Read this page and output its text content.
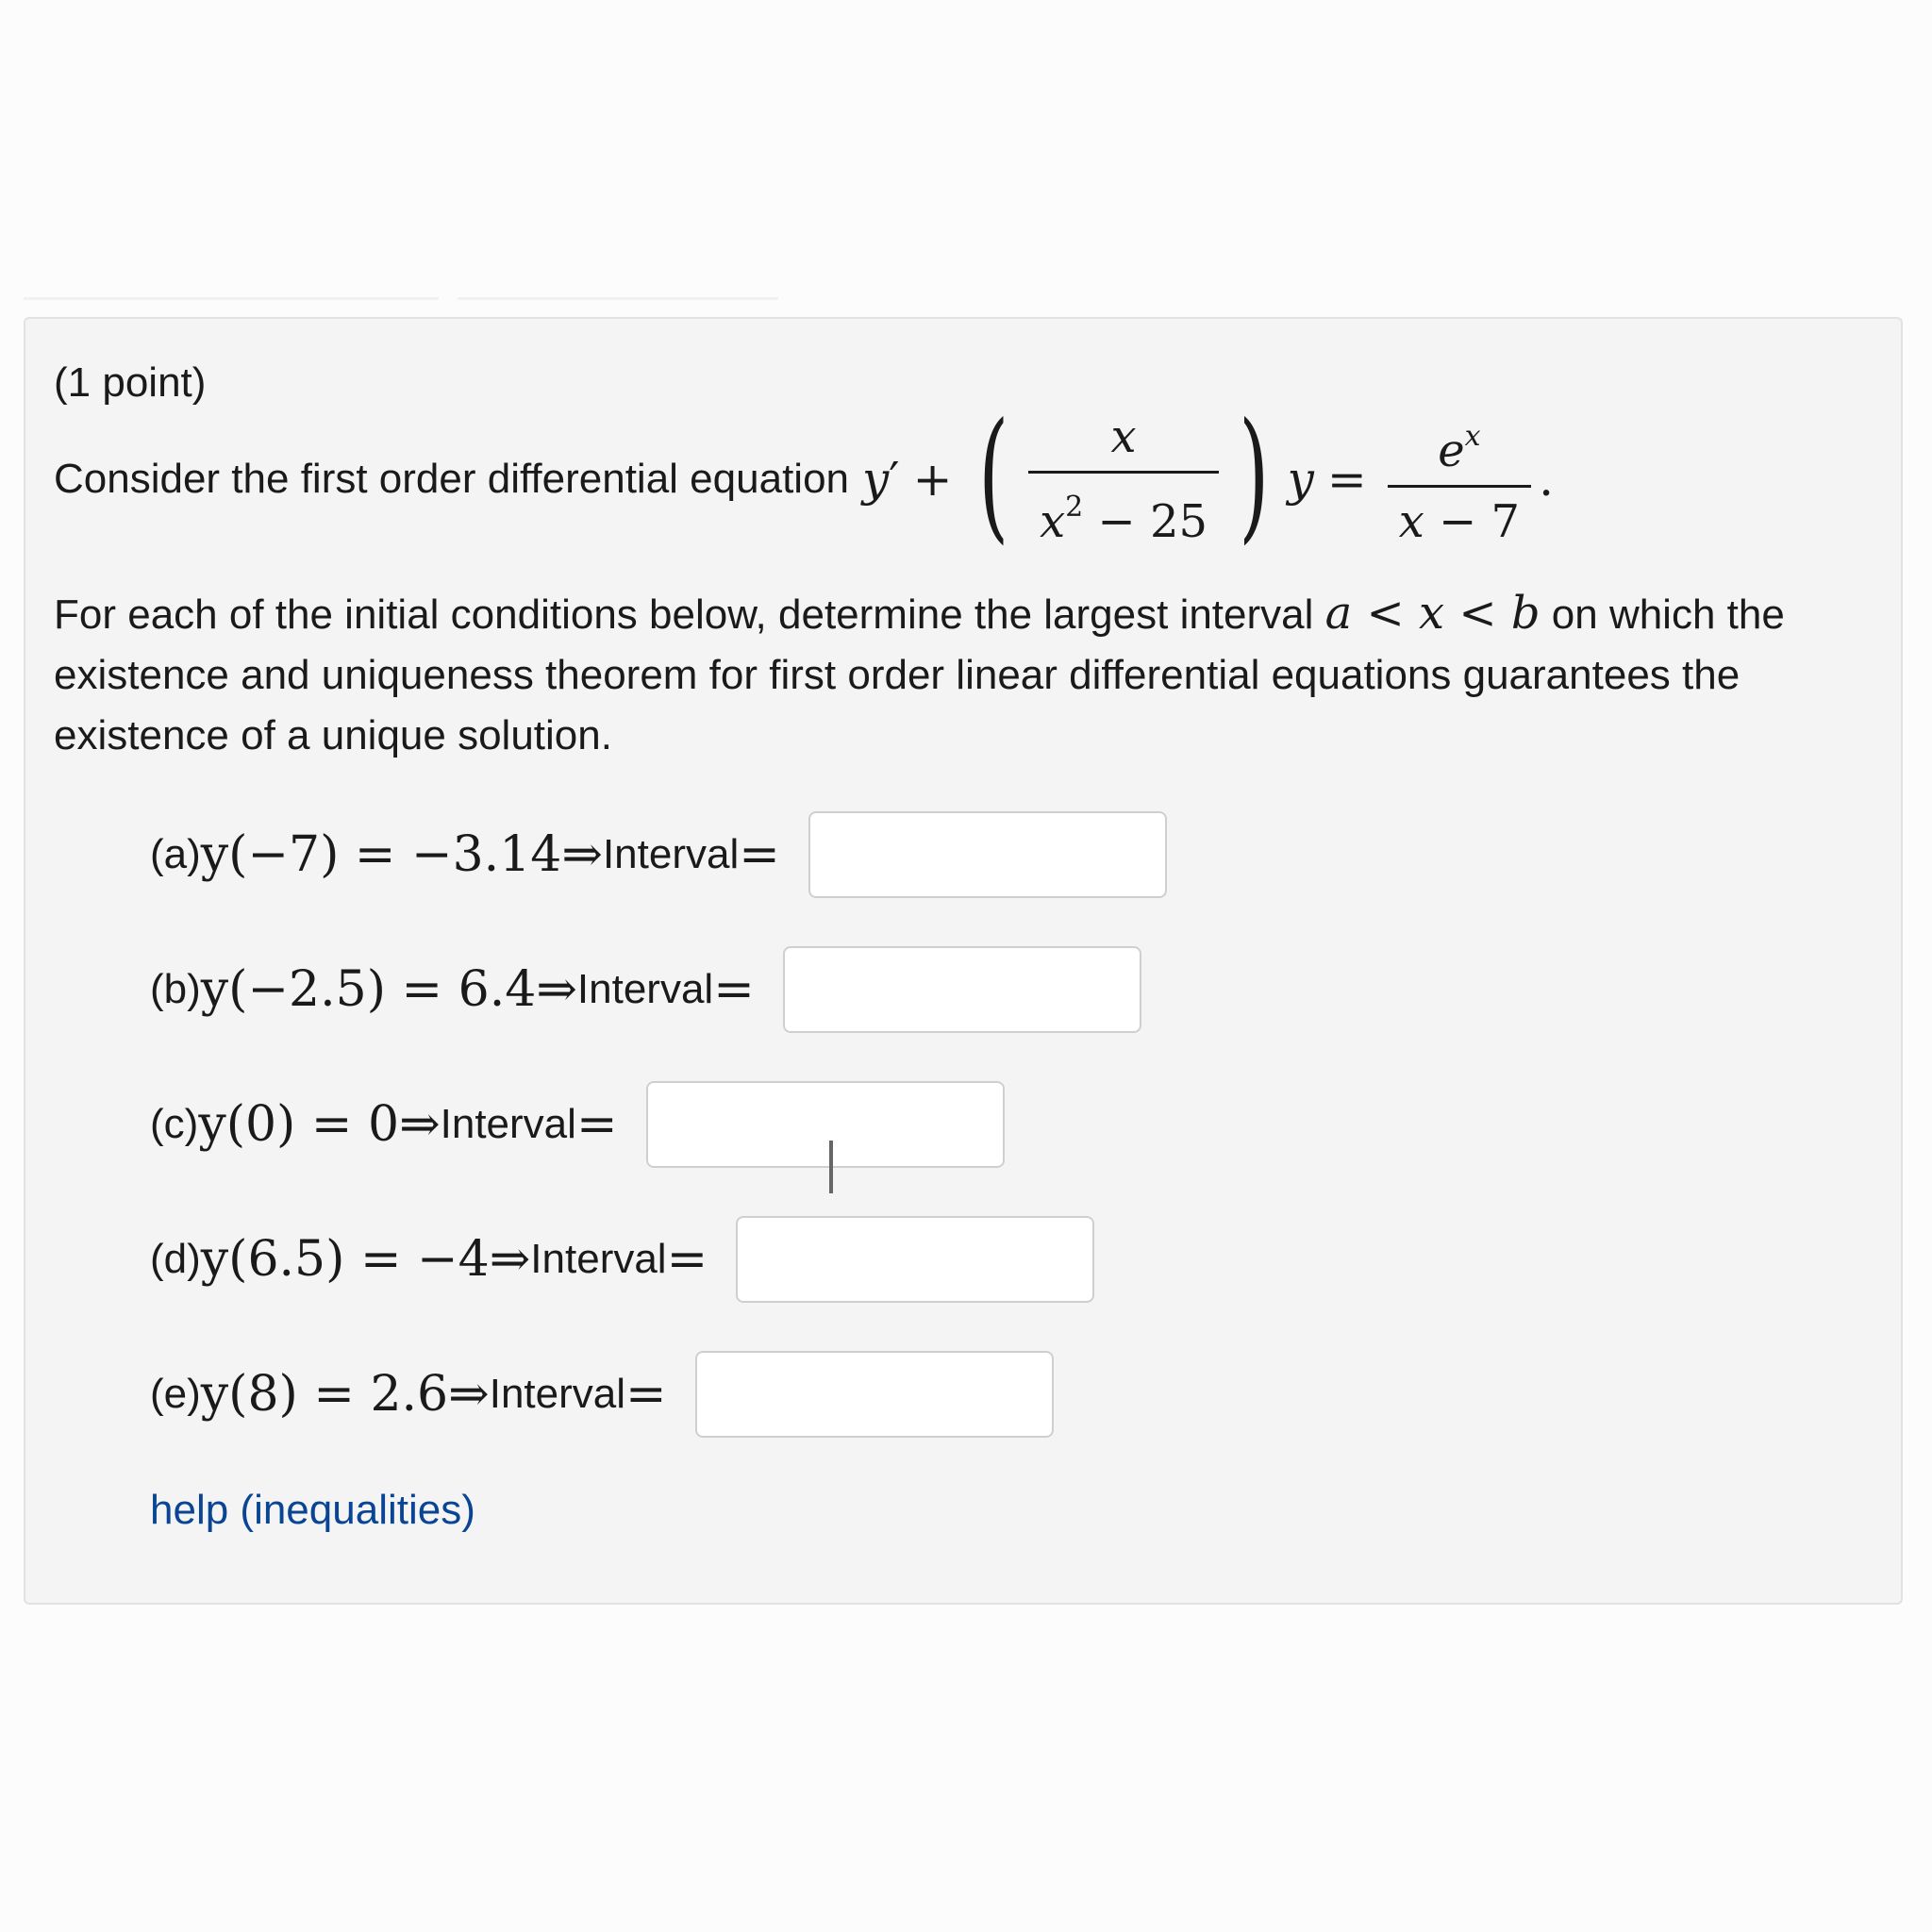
(1 point)
Consider the first order differential equation y ′ + ( $\frac{x}{x^2 - 25}$ ) $y = \frac{e^x}{x - 7}$ .
For each of the initial conditions below, determine the largest interval a < x < b on which the existence and uniqueness theorem for first order linear differential equations guarantees the existence of a unique solution.
(a) y(−7) = −3.14 ⇒ Interval =
(b) y(−2.5) = 6.4 ⇒ Interval =
(c) y(0) = 0 ⇒ Interval =
(d) y(6.5) = −4 ⇒ Interval =
(e) y(8) = 2.6 ⇒ Interval =
help (inequalities)
